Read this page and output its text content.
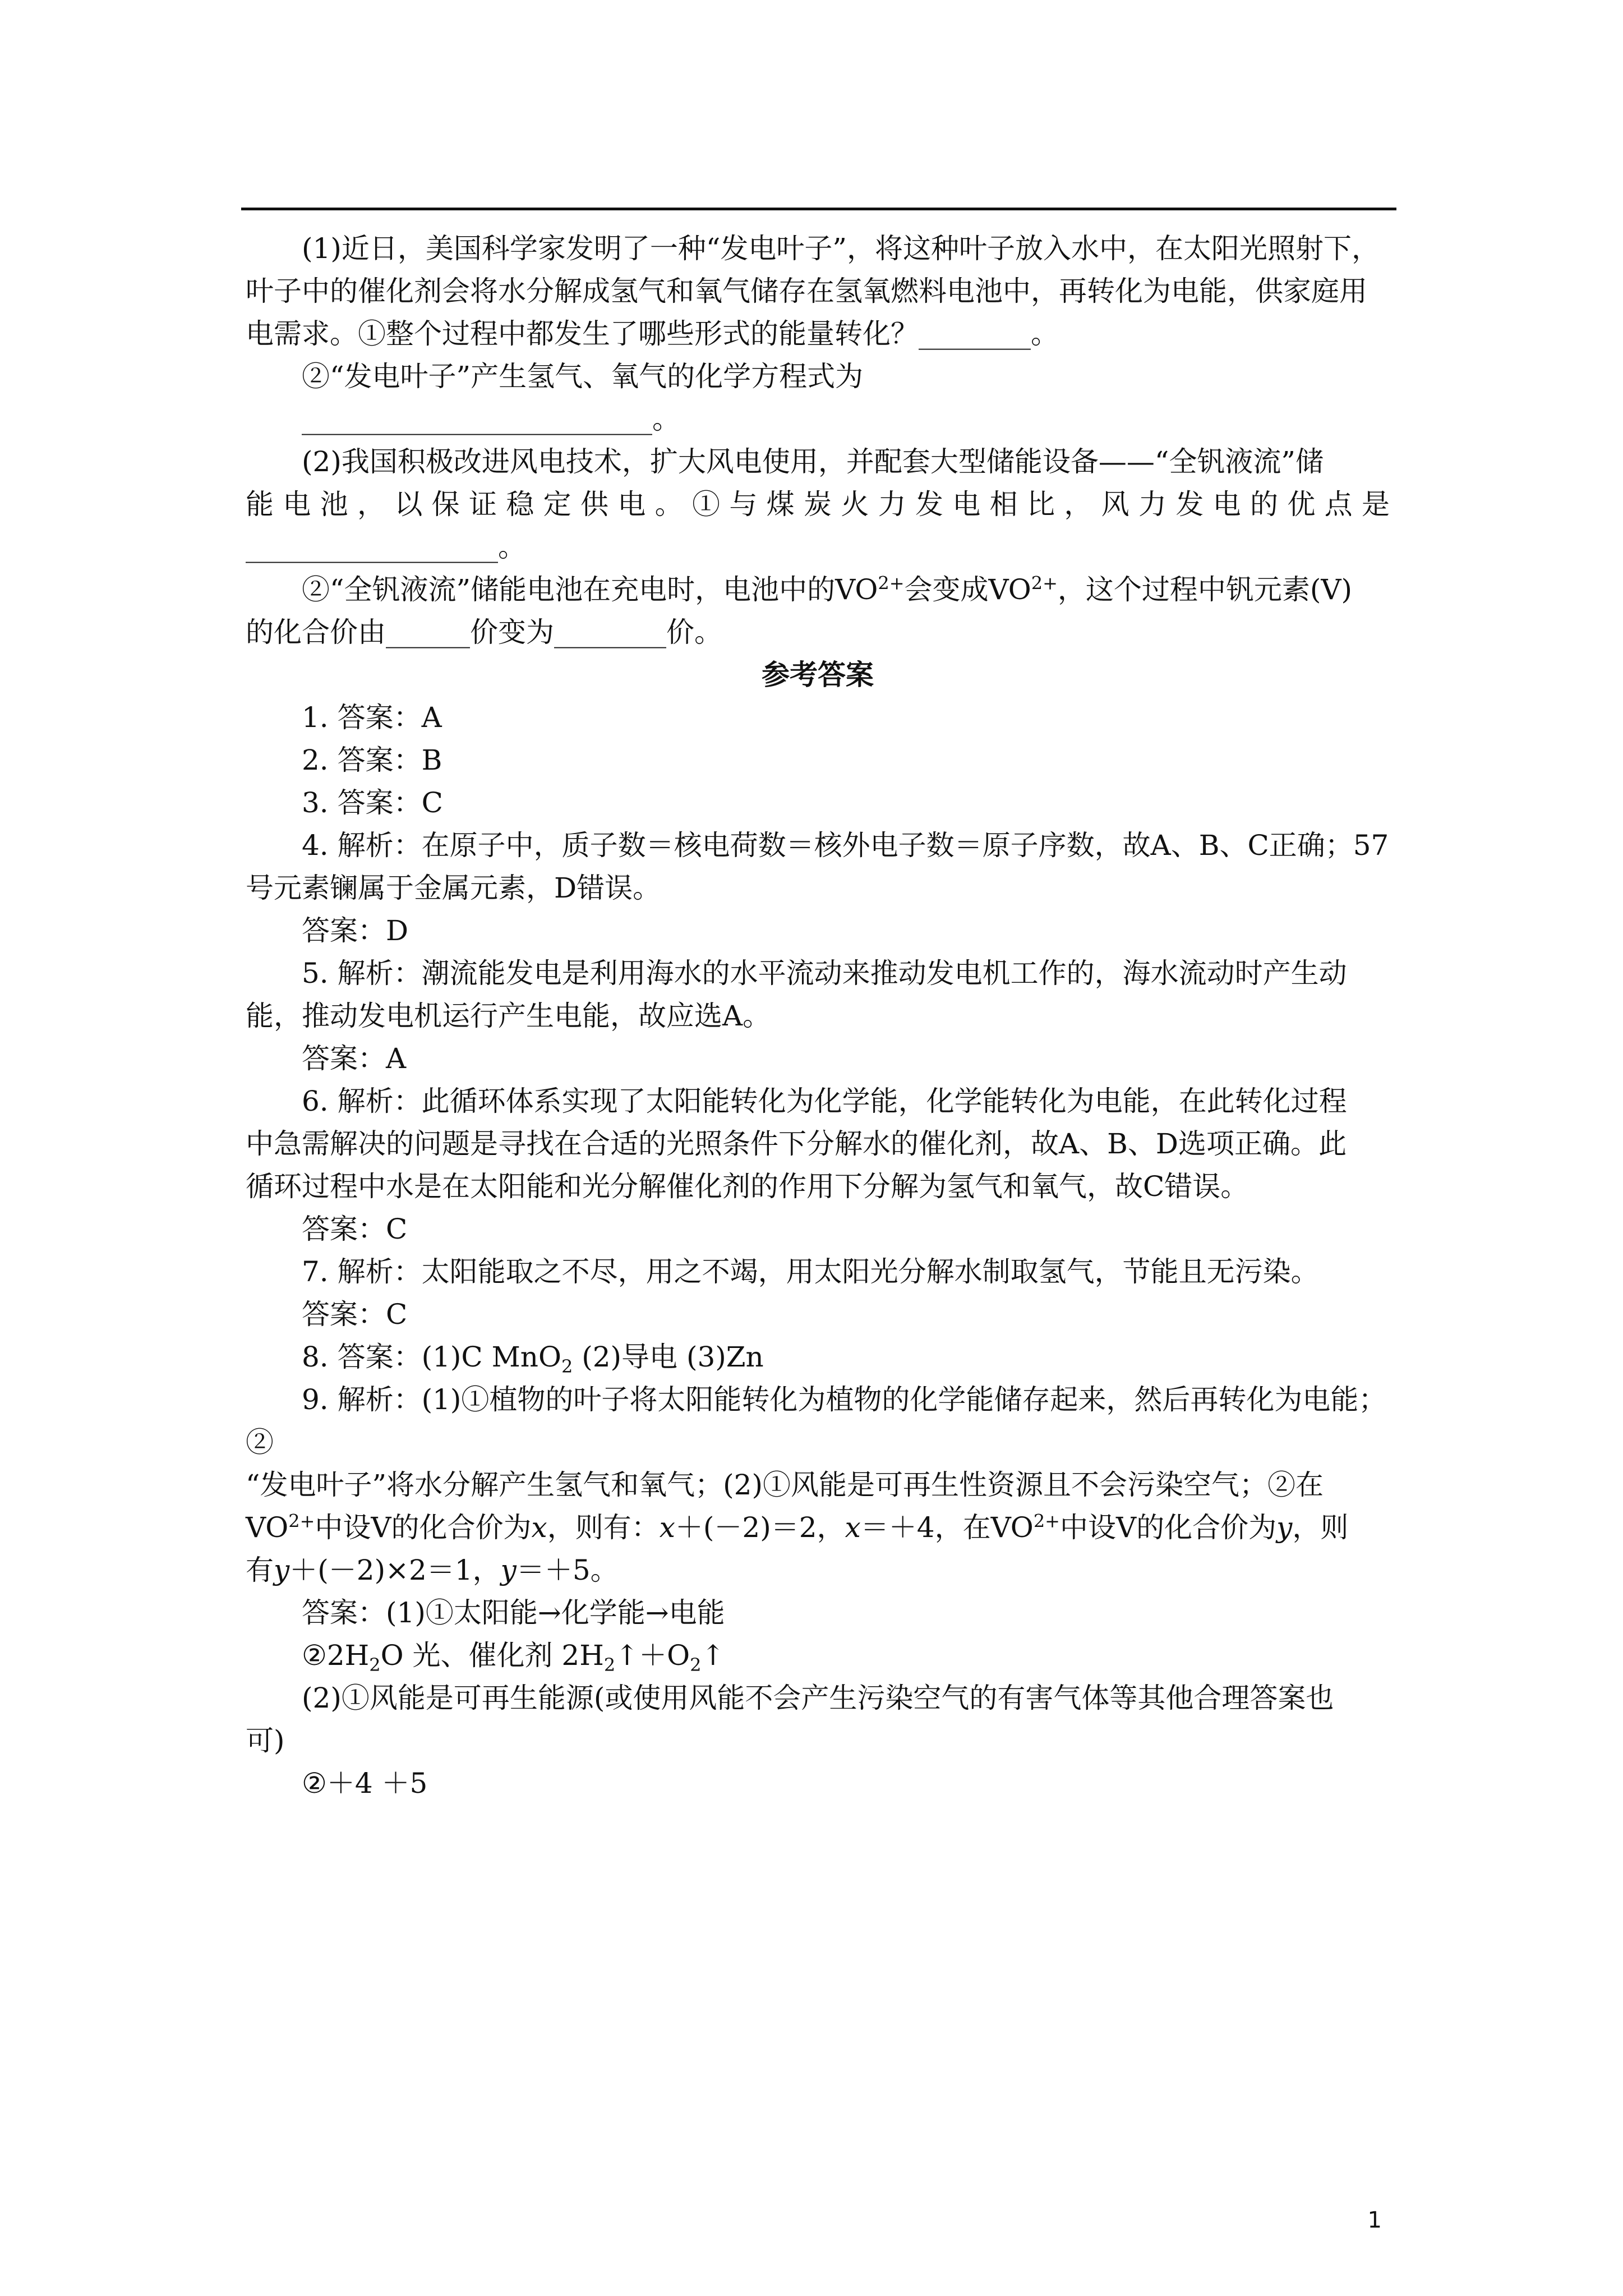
(1)近日，美国科学家发明了一种“发电叶子”，将这种叶子放入水中，在太阳光照射下，

叶子中的催化剂会将水分解成氢气和氧气储存在氢氧燃料电池中，再转化为电能，供家庭用

电需求。①整个过程中都发生了哪些形式的能量转化？________。

②“发电叶子”产生氢气、氧气的化学方程式为

_________________________。

(2)我国积极改进风电技术，扩大风电使用，并配套大型储能设备——“全钒液流”储

能 电 池 ， 以 保 证 稳 定 供 电 。 ① 与 煤 炭 火 力 发 电 相 比 ， 风 力 发 电 的 优 点 是

__________________。

②“全钒液流”储能电池在充电时，电池中的$VO^{2+}$会变成$VO^{2+}$，这个过程中钒元素(V)

的化合价由______价变为________价。

参考答案

1. 答案：A

2. 答案：B

3. 答案：C

4. 解析：在原子中，质子数＝核电荷数＝核外电子数＝原子序数，故A、B、C正确；57

号元素镧属于金属元素，D错误。

答案：D

5. 解析：潮流能发电是利用海水的水平流动来推动发电机工作的，海水流动时产生动

能，推动发电机运行产生电能，故应选A。

答案：A

6. 解析：此循环体系实现了太阳能转化为化学能，化学能转化为电能，在此转化过程

中急需解决的问题是寻找在合适的光照条件下分解水的催化剂，故A、B、D选项正确。此

循环过程中水是在太阳能和光分解催化剂的作用下分解为氢气和氧气，故C错误。

答案：C

7. 解析：太阳能取之不尽，用之不竭，用太阳光分解水制取氢气，节能且无污染。

答案：C

8. 答案：(1)C MnO$_2$ (2)导电 (3)Zn

9. 解析：(1)①植物的叶子将太阳能转化为植物的化学能储存起来，然后再转化为电能；②

“发电叶子”将水分解产生氢气和氧气；(2)①风能是可再生性资源且不会污染空气；②在

$VO^{2+}$中设V的化合价为x，则有：x＋(－2)＝2，x＝＋4，在$VO^{2+}$中设V的化合价为y，则

有y＋(－2)×2＝1，y＝＋5。

答案：(1)①太阳能→化学能→电能

$②2H_2O$ 光、催化剂 $2H_2↑+O_2↑$

(2)①风能是可再生能源(或使用风能不会产生污染空气的有害气体等其他合理答案也

可)

②＋4 ＋5

1
